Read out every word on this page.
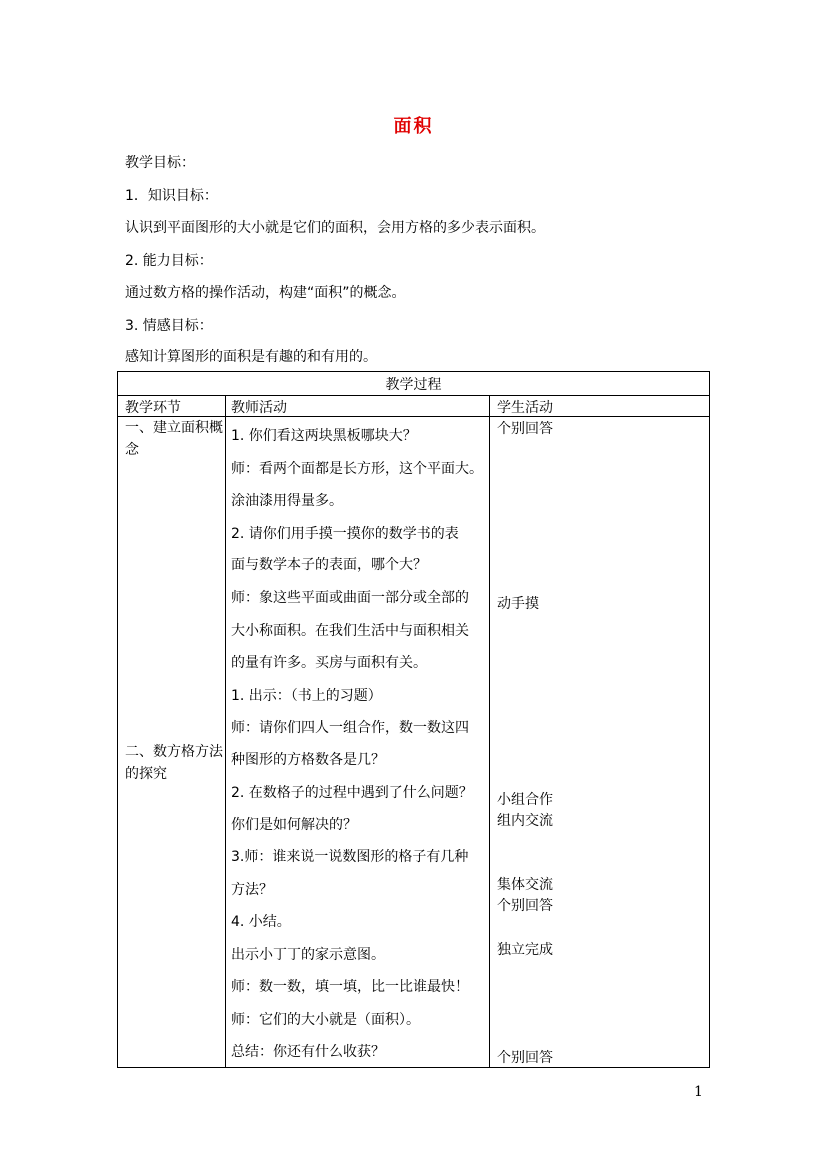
面积
教学目标：
1．知识目标：
认识到平面图形的大小就是它们的面积，会用方格的多少表示面积。
2. 能力目标：
通过数方格的操作活动，构建“面积”的概念。
3. 情感目标：
感知计算图形的面积是有趣的和有用的。
教学过程
教学环节	教师活动	学生活动
一、建立面积概念
二、数方格方法的探究
1. 你们看这两块黑板哪块大？
师：看两个面都是长方形，这个平面大。
涂油漆用得量多。
2. 请你们用手摸一摸你的数学书的表
面与数学本子的表面，哪个大？
师：象这些平面或曲面一部分或全部的
大小称面积。在我们生活中与面积相关
的量有许多。买房与面积有关。
1. 出示：（书上的习题）
师：请你们四人一组合作，数一数这四
种图形的方格数各是几？
2. 在数格子的过程中遇到了什么问题？
你们是如何解决的？
3.师：谁来说一说数图形的格子有几种
方法？
4. 小结。
出示小丁丁的家示意图。
师：数一数，填一填，比一比谁最快！
师：它们的大小就是（面积）。
总结：你还有什么收获？
个别回答
动手摸
小组合作
组内交流
集体交流
个别回答
独立完成
个别回答
1
